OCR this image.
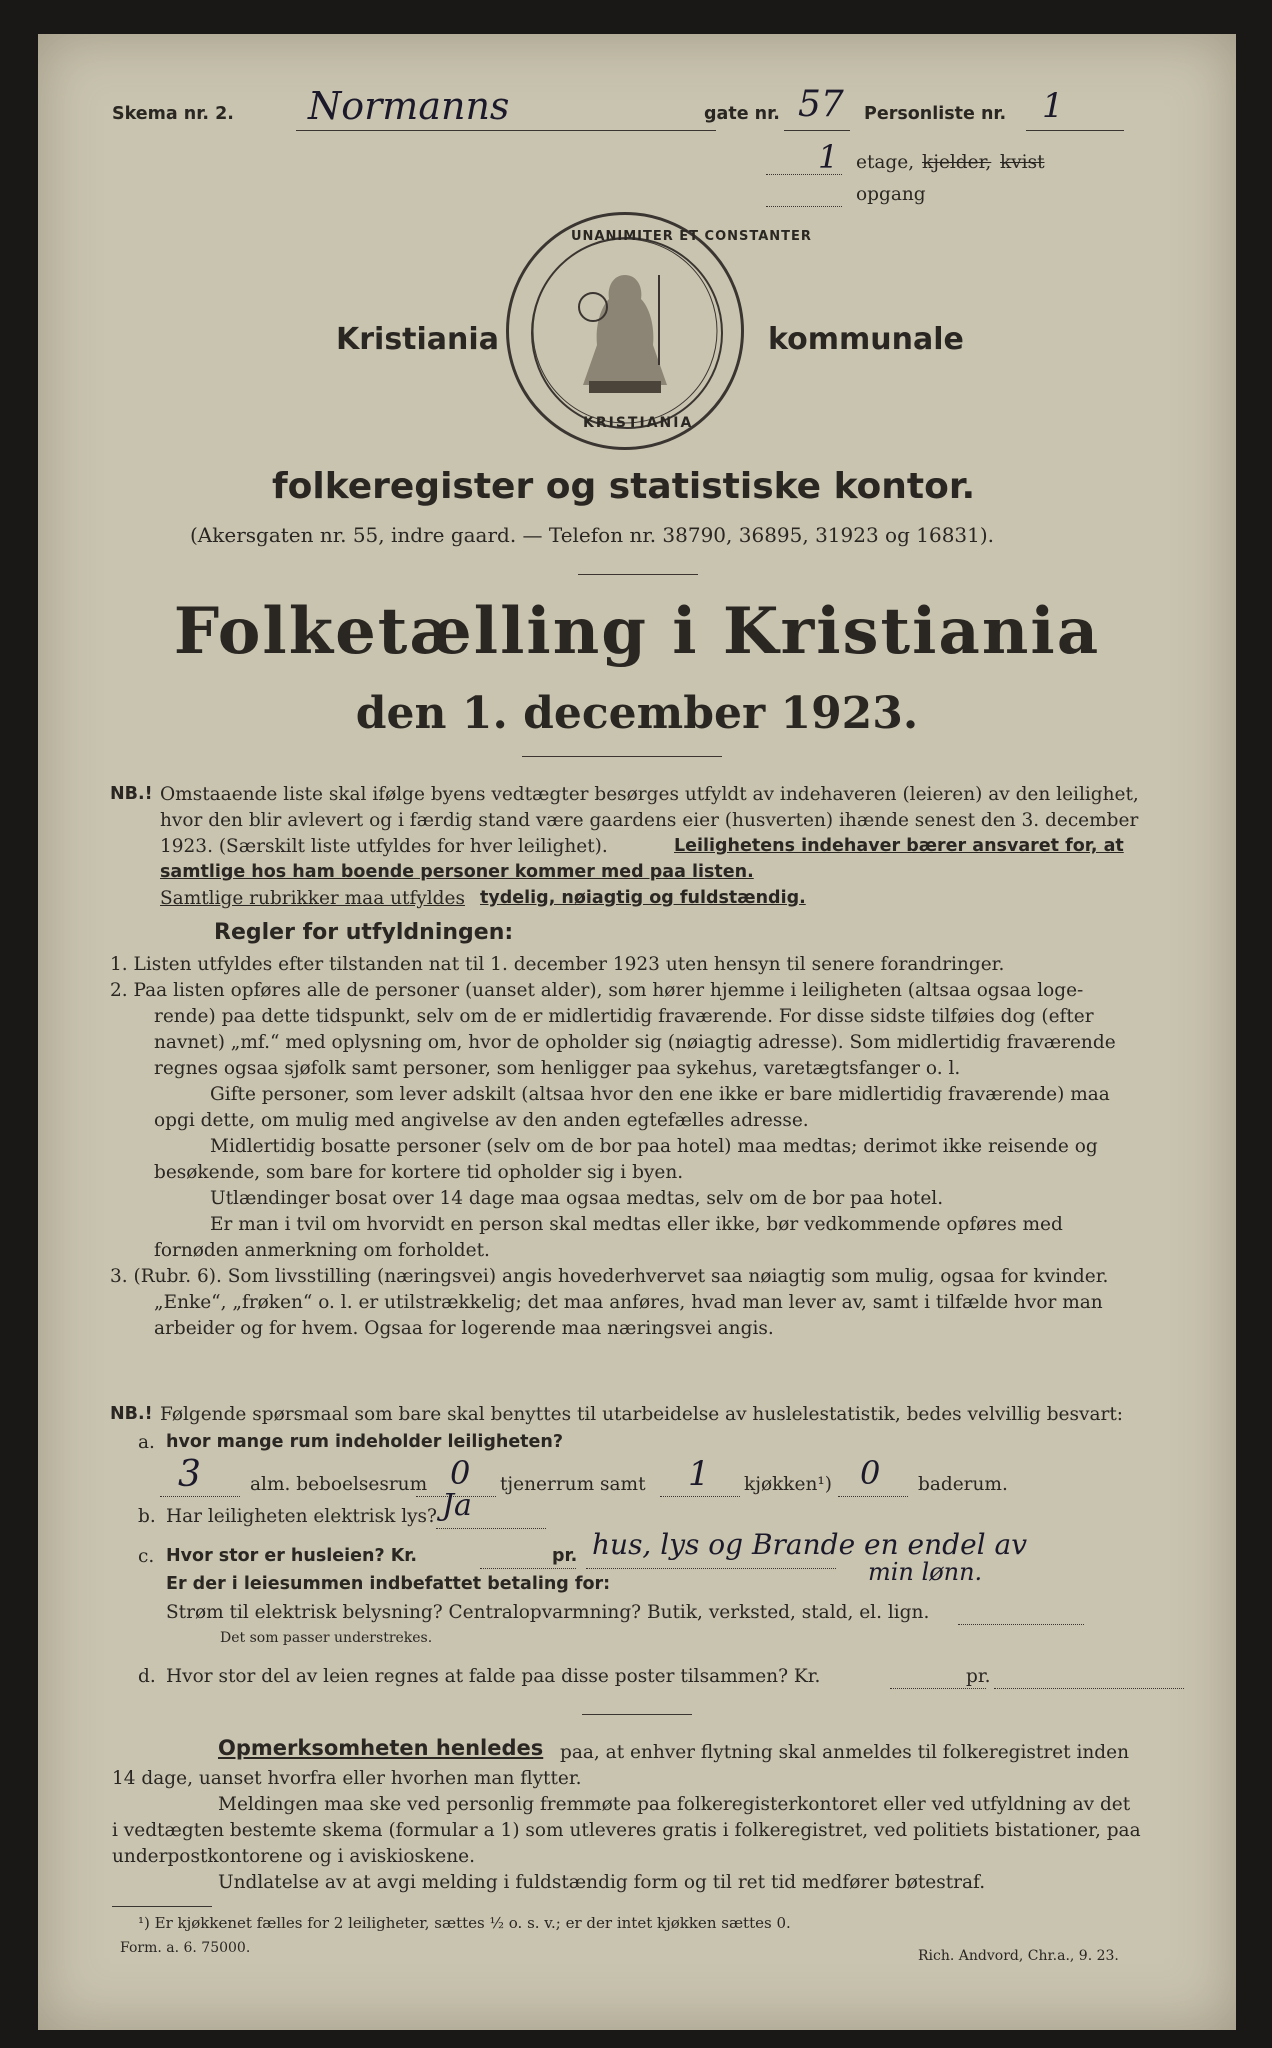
Skema nr. 2. Normanns	gate nr. 57 Personliste nr. 1
1 etage, kjelder, kvist
opgang
Kristiania	kommunale
UNANIMITER ET CONSTANTER
KRISTIANIA
folkeregister og statistiske kontor.
(Akersgaten nr. 55, indre gaard. — Telefon nr. 38790, 36895, 31923 og 16831).
Folketælling i Kristiania
den 1. december 1923.
NB.! Omstaaende liste skal ifølge byens vedtægter besørges utfyldt av indehaveren (leieren) av den leilighet,
hvor den blir avlevert og i færdig stand være gaardens eier (husverten) ihænde senest den 3. december
1923. (Særskilt liste utfyldes for hver leilighet).	Leilighetens indehaver bærer ansvaret for, at
samtlige hos ham boende personer kommer med paa listen.
Samtlige rubrikker maa utfyldes tydelig, nøiagtig og fuldstændig.
Regler for utfyldningen:
1. Listen utfyldes efter tilstanden nat til 1. december 1923 uten hensyn til senere forandringer.
2. Paa listen opføres alle de personer (uanset alder), som hører hjemme i leiligheten (altsaa ogsaa loge-
rende) paa dette tidspunkt, selv om de er midlertidig fraværende. For disse sidste tilføies dog (efter
navnet) „mf.“ med oplysning om, hvor de opholder sig (nøiagtig adresse). Som midlertidig fraværende
regnes ogsaa sjøfolk samt personer, som henligger paa sykehus, varetægtsfanger o. l.
Gifte personer, som lever adskilt (altsaa hvor den ene ikke er bare midlertidig fraværende) maa
opgi dette, om mulig med angivelse av den anden egtefælles adresse.
Midlertidig bosatte personer (selv om de bor paa hotel) maa medtas; derimot ikke reisende og
besøkende, som bare for kortere tid opholder sig i byen.
Utlændinger bosat over 14 dage maa ogsaa medtas, selv om de bor paa hotel.
Er man i tvil om hvorvidt en person skal medtas eller ikke, bør vedkommende opføres med
fornøden anmerkning om forholdet.
3. (Rubr. 6). Som livsstilling (næringsvei) angis hovederhvervet saa nøiagtig som mulig, ogsaa for kvinder.
„Enke“, „frøken“ o. l. er utilstrækkelig; det maa anføres, hvad man lever av, samt i tilfælde hvor man
arbeider og for hvem. Ogsaa for logerende maa næringsvei angis.
NB.! Følgende spørsmaal som bare skal benyttes til utarbeidelse av huslelestatistik, bedes velvillig besvart:
a. hvor mange rum indeholder leiligheten?
3	alm. beboelsesrum 0 tjenerrum samt 1 kjøkken¹) 0 baderum.
b. Har leiligheten elektrisk lys? Ja
c. Hvor stor er husleien? Kr.	pr. hus, lys og Brande en endel av
min lønn.
Er der i leiesummen indbefattet betaling for:
Strøm til elektrisk belysning? Centralopvarmning? Butik, verksted, stald, el. lign.
Det som passer understrekes.
d. Hvor stor del av leien regnes at falde paa disse poster tilsammen? Kr.	pr.
Opmerksomheten henledes paa, at enhver flytning skal anmeldes til folkeregistret inden
14 dage, uanset hvorfra eller hvorhen man flytter.
Meldingen maa ske ved personlig fremmøte paa folkeregisterkontoret eller ved utfyldning av det
i vedtægten bestemte skema (formular a 1) som utleveres gratis i folkeregistret, ved politiets bistationer, paa
underpostkontorene og i aviskioskene.
Undlatelse av at avgi melding i fuldstændig form og til ret tid medfører bøtestraf.
¹) Er kjøkkenet fælles for 2 leiligheter, sættes ½ o. s. v.; er der intet kjøkken sættes 0.
Form. a. 6. 75000.	Rich. Andvord, Chr.a., 9. 23.
